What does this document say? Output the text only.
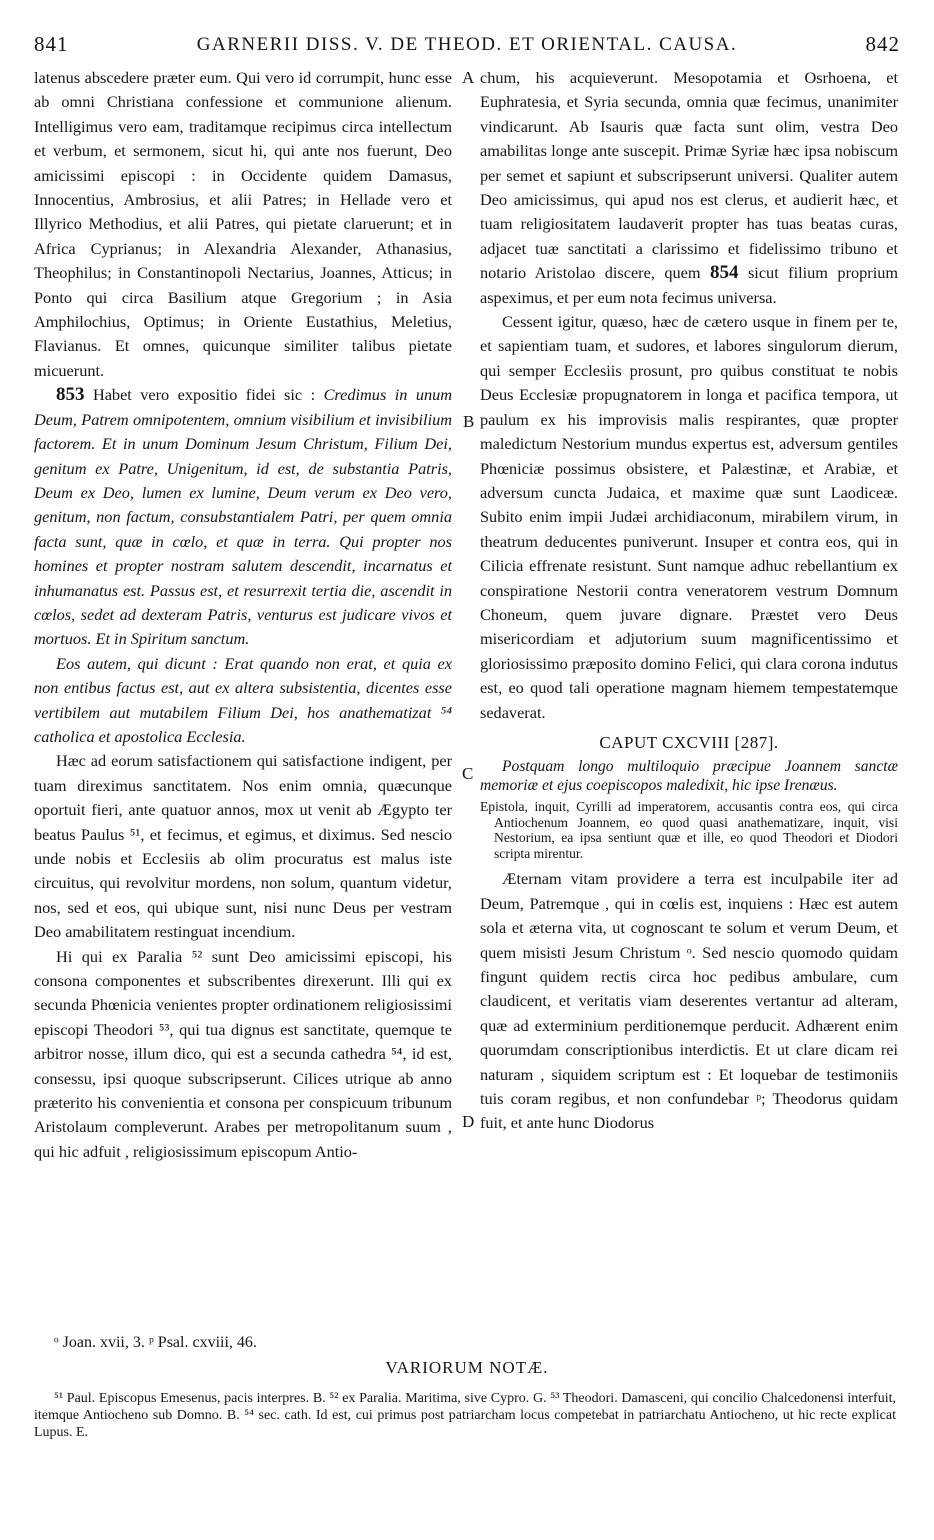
841	GARNERII DISS. V. DE THEOD. ET ORIENTAL. CAUSA.	842
A
B
C
D

latenus abscedere præter eum. Qui vero id corrumpit, hunc esse ab omni Christiana confessione et communione alienum. Intelligimus vero eam, traditamque recipimus circa intellectum et verbum, et sermonem, sicut hi, qui ante nos fuerunt, Deo amicissimi episcopi : in Occidente quidem Damasus, Innocentius, Ambrosius, et alii Patres; in Hellade vero et Illyrico Methodius, et alii Patres, qui pietate claruerunt; et in Africa Cyprianus; in Alexandria Alexander, Athanasius, Theophilus; in Constantinopoli Nectarius, Joannes, Atticus; in Ponto qui circa Basilium atque Gregorium ; in Asia Amphilochius, Optimus; in Oriente Eustathius, Meletius, Flavianus. Et omnes, quicunque similiter talibus pietate micuerunt.

853 Habet vero expositio fidei sic : Credimus in unum Deum, Patrem omnipotentem, omnium visibilium et invisibilium factorem. Et in unum Dominum Jesum Christum, Filium Dei, genitum ex Patre, Unigenitum, id est, de substantia Patris, Deum ex Deo, lumen ex lumine, Deum verum ex Deo vero, genitum, non factum, consubstantialem Patri, per quem omnia facta sunt, quæ in cœlo, et quæ in terra. Qui propter nos homines et propter nostram salutem descendit, incarnatus et inhumanatus est. Passus est, et resurrexit tertia die, ascendit in cœlos, sedet ad dexteram Patris, venturus est judicare vivos et mortuos. Et in Spiritum sanctum.

Eos autem, qui dicunt : Erat quando non erat, et quia ex non entibus factus est, aut ex altera subsistentia, dicentes esse vertibilem aut mutabilem Filium Dei, hos anathematizat ⁵⁴ catholica et apostolica Ecclesia.

Hæc ad eorum satisfactionem qui satisfactione indigent, per tuam direximus sanctitatem. Nos enim omnia, quæcunque oportuit fieri, ante quatuor annos, mox ut venit ab Ægypto ter beatus Paulus ⁵¹, et fecimus, et egimus, et diximus. Sed nescio unde nobis et Ecclesiis ab olim procuratus est malus iste circuitus, qui revolvitur mordens, non solum, quantum videtur, nos, sed et eos, qui ubique sunt, nisi nunc Deus per vestram Deo amabilitatem restinguat incendium.

Hi qui ex Paralia ⁵² sunt Deo amicissimi episcopi, his consona componentes et subscribentes direxerunt. Illi qui ex secunda Phœnicia venientes propter ordinationem religiosissimi episcopi Theodori ⁵³, qui tua dignus est sanctitate, quemque te arbitror nosse, illum dico, qui est a secunda cathedra ⁵⁴, id est, consessu, ipsi quoque subscripserunt. Cilices utrique ab anno præterito his convenientia et consona per conspicuum tribunum Aristolaum compleverunt. Arabes per metropolitanum suum , qui hic adfuit , religiosissimum episcopum Antio-

chum, his acquieverunt. Mesopotamia et Osrhoena, et Euphratesia, et Syria secunda, omnia quæ fecimus, unanimiter vindicarunt. Ab Isauris quæ facta sunt olim, vestra Deo amabilitas longe ante suscepit. Primæ Syriæ hæc ipsa nobiscum per semet et sapiunt et subscripserunt universi. Qualiter autem Deo amicissimus, qui apud nos est clerus, et audierit hæc, et tuam religiositatem laudaverit propter has tuas beatas curas, adjacet tuæ sanctitati a clarissimo et fidelissimo tribuno et notario Aristolao discere, quem 854 sicut filium proprium aspeximus, et per eum nota fecimus universa.

Cessent igitur, quæso, hæc de cætero usque in finem per te, et sapientiam tuam, et sudores, et labores singulorum dierum, qui semper Ecclesiis prosunt, pro quibus constituat te nobis Deus Ecclesiæ propugnatorem in longa et pacifica tempora, ut paulum ex his improvisis malis respirantes, quæ propter maledictum Nestorium mundus expertus est, adversum gentiles Phœniciæ possimus obsistere, et Palæstinæ, et Arabiæ, et adversum cuncta Judaica, et maxime quæ sunt Laodiceæ. Subito enim impii Judæi archidiaconum, mirabilem virum, in theatrum deducentes puniverunt. Insuper et contra eos, qui in Cilicia effrenate resistunt. Sunt namque adhuc rebellantium ex conspiratione Nestorii contra veneratorem vestrum Domnum Choneum, quem juvare dignare. Præstet vero Deus misericordiam et adjutorium suum magnificentissimo et gloriosissimo præposito domino Felici, qui clara corona indutus est, eo quod tali operatione magnam hiemem tempestatemque sedaverat.

CAPUT CXCVIII [287].

Postquam longo multiloquio præcipue Joannem sanctæ memoriæ et ejus coepiscopos maledixit, hic ipse Irenæus.

Epistola, inquit, Cyrilli ad imperatorem, accusantis contra eos, qui circa Antiochenum Joannem, eo quod quasi anathematizare, inquit, visi Nestorium, ea ipsa sentiunt quæ et ille, eo quod Theodori et Diodori scripta mirentur.

Æternam vitam providere a terra est inculpabile iter ad Deum, Patremque , qui in cœlis est, inquiens : Hæc est autem sola et æterna vita, ut cognoscant te solum et verum Deum, et quem misisti Jesum Christum ᵒ. Sed nescio quomodo quidam fingunt quidem rectis circa hoc pedibus ambulare, cum claudicent, et veritatis viam deserentes vertantur ad alteram, quæ ad exterminium perditionemque perducit. Adhærent enim quorumdam conscriptionibus interdictis. Et ut clare dicam rei naturam , siquidem scriptum est : Et loquebar de testimoniis tuis coram regibus, et non confundebar ᵖ; Theodorus quidam fuit, et ante hunc Diodorus

ᵒ Joan. xvii, 3. ᵖ Psal. cxviii, 46.
VARIORUM NOTÆ.

⁵¹ Paul. Episcopus Emesenus, pacis interpres. B. ⁵² ex Paralia. Maritima, sive Cypro. G. ⁵³ Theodori. Damasceni, qui concilio Chalcedonensi interfuit, itemque Antiocheno sub Domno. B. ⁵⁴ sec. cath. Id est, cui primus post patriarcham locus competebat in patriarchatu Antiocheno, ut hic recte explicat Lupus. E.
